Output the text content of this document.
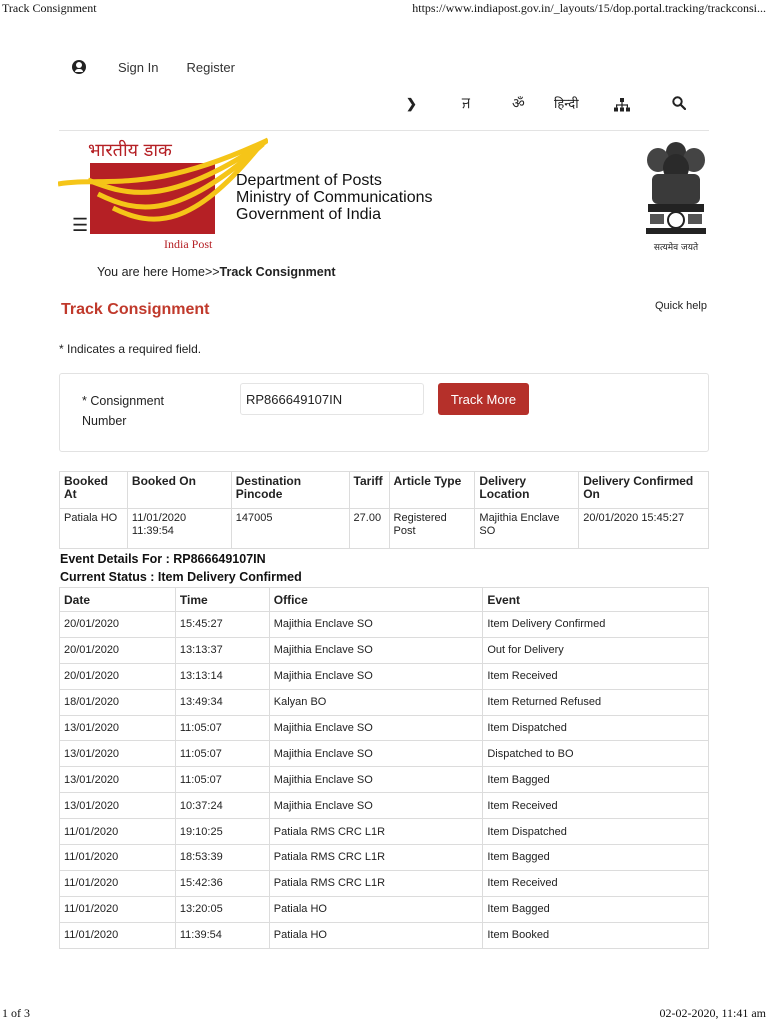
Track Consignment	https://www.indiapost.gov.in/_layouts/15/dop.portal.tracking/trackconsi...
Sign In Register
❯	ꠔ	ॐ हिन्दी
भारतीय डाक
☰
India Post
Department of Posts
Ministry of Communications
Government of India
सत्यमेव जयते
You are here Home>>Track Consignment
Track Consignment	Quick help
* Indicates a required field.
* Consignment Number
RP866649107IN
Track More
Booked At	Booked On	Destination Pincode	Tariff	Article Type	Delivery Location	Delivery Confirmed On
Patiala HO	11/01/2020 11:39:54	147005	27.00	Registered Post	Majithia Enclave SO	20/01/2020 15:45:27
Event Details For : RP866649107IN
Current Status : Item Delivery Confirmed
Date	Time	Office	Event
20/01/2020	15:45:27	Majithia Enclave SO	Item Delivery Confirmed
20/01/2020	13:13:37	Majithia Enclave SO	Out for Delivery
20/01/2020	13:13:14	Majithia Enclave SO	Item Received
18/01/2020	13:49:34	Kalyan BO	Item Returned Refused
13/01/2020	11:05:07	Majithia Enclave SO	Item Dispatched
13/01/2020	11:05:07	Majithia Enclave SO	Dispatched to BO
13/01/2020	11:05:07	Majithia Enclave SO	Item Bagged
13/01/2020	10:37:24	Majithia Enclave SO	Item Received
11/01/2020	19:10:25	Patiala RMS CRC L1R	Item Dispatched
11/01/2020	18:53:39	Patiala RMS CRC L1R	Item Bagged
11/01/2020	15:42:36	Patiala RMS CRC L1R	Item Received
11/01/2020	13:20:05	Patiala HO	Item Bagged
11/01/2020	11:39:54	Patiala HO	Item Booked
1 of 3	02-02-2020, 11:41 am
